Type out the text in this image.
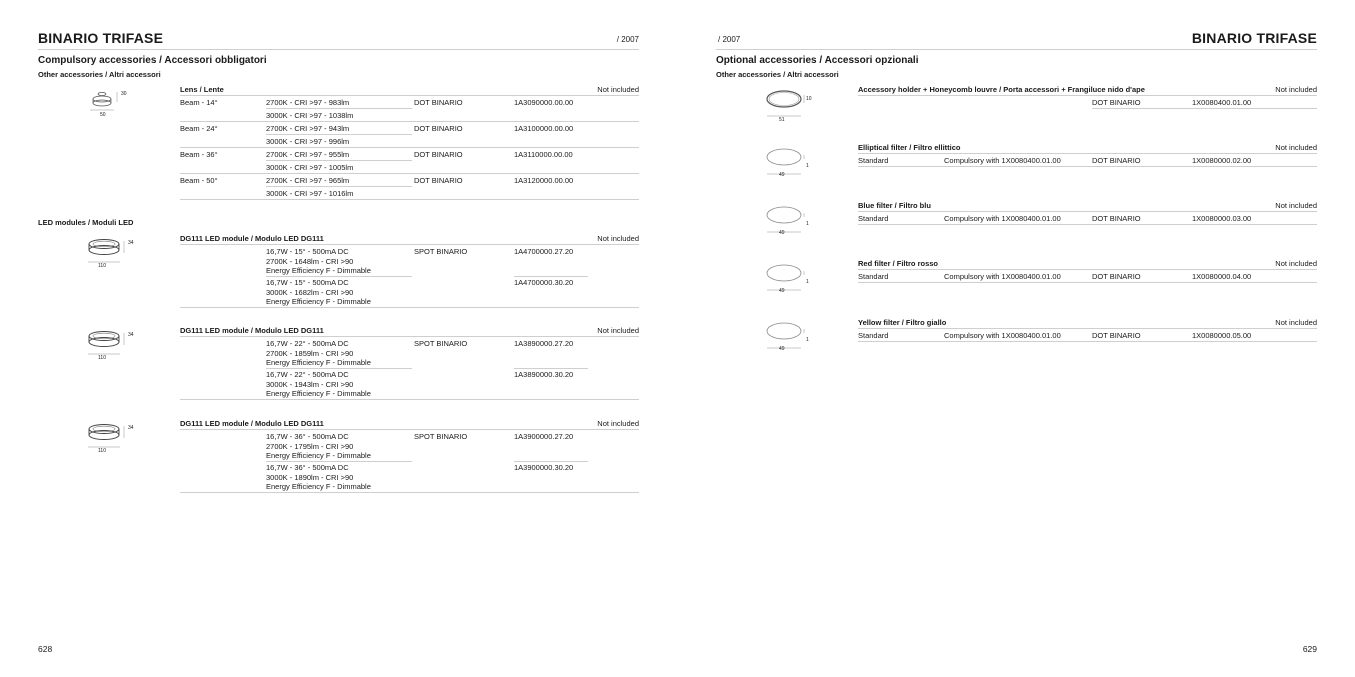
BINARIO TRIFASE	/ 2007
Compulsory accessories / Accessori obbligatori
Other accessories / Altri accessori
30
50
Lens / Lente	Not included
Beam - 14°	2700K - CRI >97 - 983lm	DOT BINARIO	1A3090000.00.00
3000K - CRI >97 - 1038lm
Beam - 24°	2700K - CRI >97 - 943lm	DOT BINARIO	1A3100000.00.00
3000K - CRI >97 - 996lm
Beam - 36°	2700K - CRI >97 - 955lm	DOT BINARIO	1A3110000.00.00
3000K - CRI >97 - 1005lm
Beam - 50°	2700K - CRI >97 - 965lm	DOT BINARIO	1A3120000.00.00
3000K - CRI >97 - 1016lm
LED modules / Moduli LED
34
110
DG111 LED module / Modulo LED DG111	Not included
16,7W - 15° - 500mA DC
2700K - 1648lm - CRI >90
Energy Efficiency F - Dimmable
SPOT BINARIO	1A4700000.27.20
16,7W - 15° - 500mA DC
3000K - 1682lm - CRI >90
Energy Efficiency F - Dimmable
1A4700000.30.20
34
110
DG111 LED module / Modulo LED DG111	Not included
16,7W - 22° - 500mA DC
2700K - 1859lm - CRI >90
Energy Efficiency F - Dimmable
SPOT BINARIO	1A3890000.27.20
16,7W - 22° - 500mA DC
3000K - 1943lm - CRI >90
Energy Efficiency F - Dimmable
1A3890000.30.20
34
110
DG111 LED module / Modulo LED DG111	Not included
16,7W - 36° - 500mA DC
2700K - 1795lm - CRI >90
Energy Efficiency F - Dimmable
SPOT BINARIO	1A3900000.27.20
16,7W - 36° - 500mA DC
3000K - 1890lm - CRI >90
Energy Efficiency F - Dimmable
1A3900000.30.20
628
/ 2007	BINARIO TRIFASE
Optional accessories / Accessori opzionali
Other accessories / Altri accessori
10
51
Accessory holder + Honeycomb louvre / Porta accessori + Frangiluce nido d'ape	Not included
DOT BINARIO	1X0080400.01.00
1
49
Elliptical filter / Filtro ellittico	Not included
Standard	Compulsory with 1X0080400.01.00	DOT BINARIO	1X0080000.02.00
1
49
Blue filter / Filtro blu	Not included
Standard	Compulsory with 1X0080400.01.00	DOT BINARIO	1X0080000.03.00
1
49
Red filter / Filtro rosso	Not included
Standard	Compulsory with 1X0080400.01.00	DOT BINARIO	1X0080000.04.00
1
49
Yellow filter / Filtro giallo	Not included
Standard	Compulsory with 1X0080400.01.00	DOT BINARIO	1X0080000.05.00
629
